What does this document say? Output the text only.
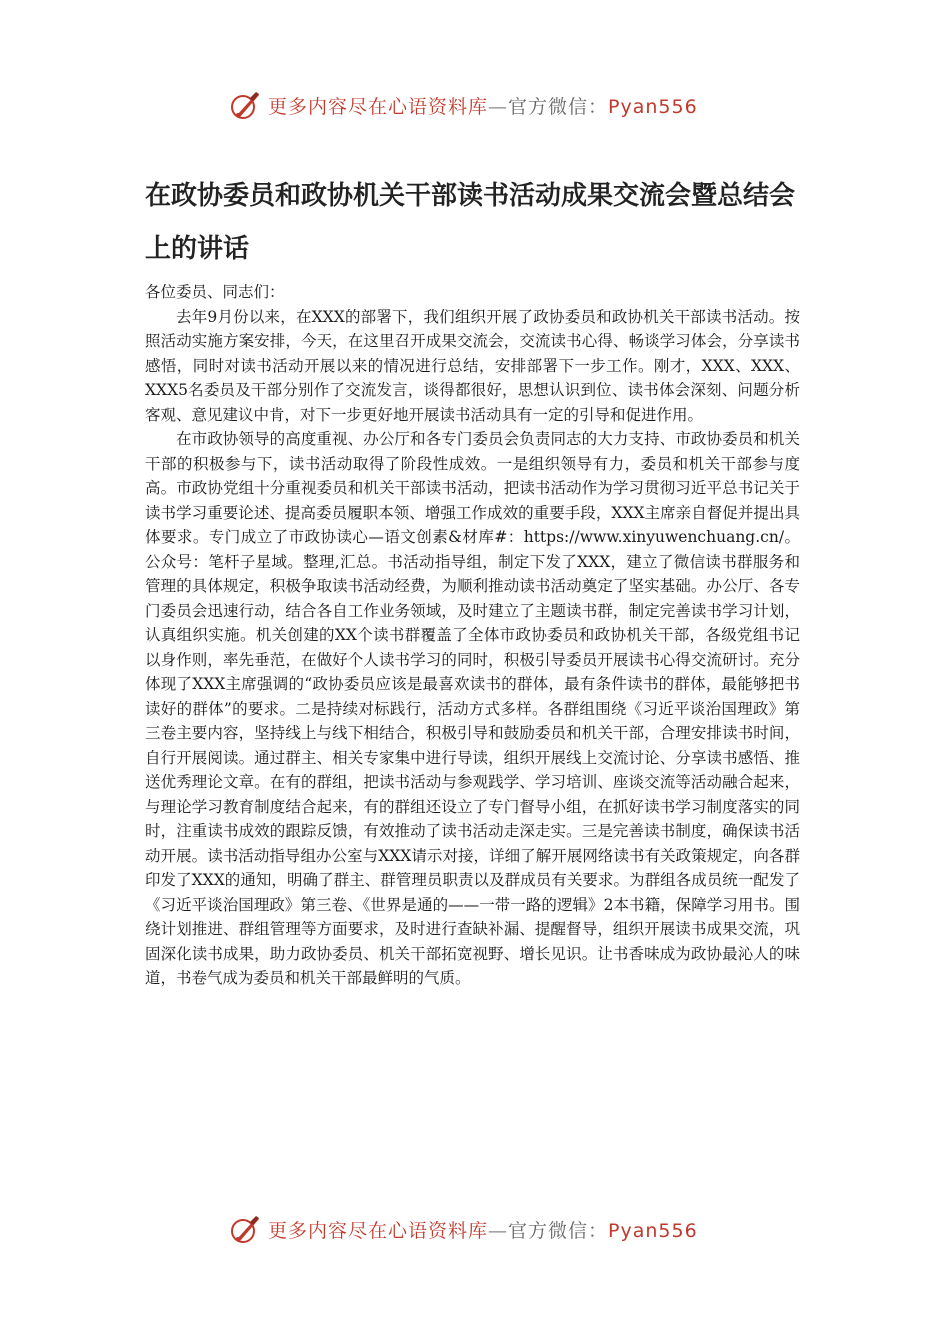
更多内容尽在心语资料库—官方微信：Pyan556
在政协委员和政协机关干部读书活动成果交流会暨总结会上的讲话

各位委员、同志们：

去年9月份以来，在XXX的部署下，我们组织开展了政协委员和政协机关干部读书活动。按照活动实施方案安排，今天，在这里召开成果交流会，交流读书心得、畅谈学习体会，分享读书感悟，同时对读书活动开展以来的情况进行总结，安排部署下一步工作。刚才，XXX、XXX、XXX5名委员及干部分别作了交流发言，谈得都很好，思想认识到位、读书体会深刻、问题分析客观、意见建议中肯，对下一步更好地开展读书活动具有一定的引导和促进作用。

在市政协领导的高度重视、办公厅和各专门委员会负责同志的大力支持、市政协委员和机关干部的积极参与下，读书活动取得了阶段性成效。一是组织领导有力，委员和机关干部参与度高。市政协党组十分重视委员和机关干部读书活动，把读书活动作为学习贯彻习近平总书记关于读书学习重要论述、提高委员履职本领、增强工作成效的重要手段，XXX主席亲自督促并提出具体要求。专门成立了市政协读心—语文创素&材库#：https://www.xinyuwenchuang.cn/。公众号：笔杆子星域。整理,汇总。书活动指导组，制定下发了XXX，建立了微信读书群服务和管理的具体规定，积极争取读书活动经费，为顺利推动读书活动奠定了坚实基础。办公厅、各专门委员会迅速行动，结合各自工作业务领域，及时建立了主题读书群，制定完善读书学习计划，认真组织实施。机关创建的XX个读书群覆盖了全体市政协委员和政协机关干部，各级党组书记以身作则，率先垂范，在做好个人读书学习的同时，积极引导委员开展读书心得交流研讨。充分体现了XXX主席强调的“政协委员应该是最喜欢读书的群体，最有条件读书的群体，最能够把书读好的群体”的要求。二是持续对标践行，活动方式多样。各群组围绕《习近平谈治国理政》第三卷主要内容，坚持线上与线下相结合，积极引导和鼓励委员和机关干部，合理安排读书时间，自行开展阅读。通过群主、相关专家集中进行导读，组织开展线上交流讨论、分享读书感悟、推送优秀理论文章。在有的群组，把读书活动与参观践学、学习培训、座谈交流等活动融合起来，与理论学习教育制度结合起来，有的群组还设立了专门督导小组，在抓好读书学习制度落实的同时，注重读书成效的跟踪反馈，有效推动了读书活动走深走实。三是完善读书制度，确保读书活动开展。读书活动指导组办公室与XXX请示对接，详细了解开展网络读书有关政策规定，向各群印发了XXX的通知，明确了群主、群管理员职责以及群成员有关要求。为群组各成员统一配发了《习近平谈治国理政》第三卷、《世界是通的——一带一路的逻辑》2本书籍，保障学习用书。围绕计划推进、群组管理等方面要求，及时进行查缺补漏、提醒督导，组织开展读书成果交流，巩固深化读书成果，助力政协委员、机关干部拓宽视野、增长见识。让书香味成为政协最沁人的味道，书卷气成为委员和机关干部最鲜明的气质。

更多内容尽在心语资料库—官方微信：Pyan556
